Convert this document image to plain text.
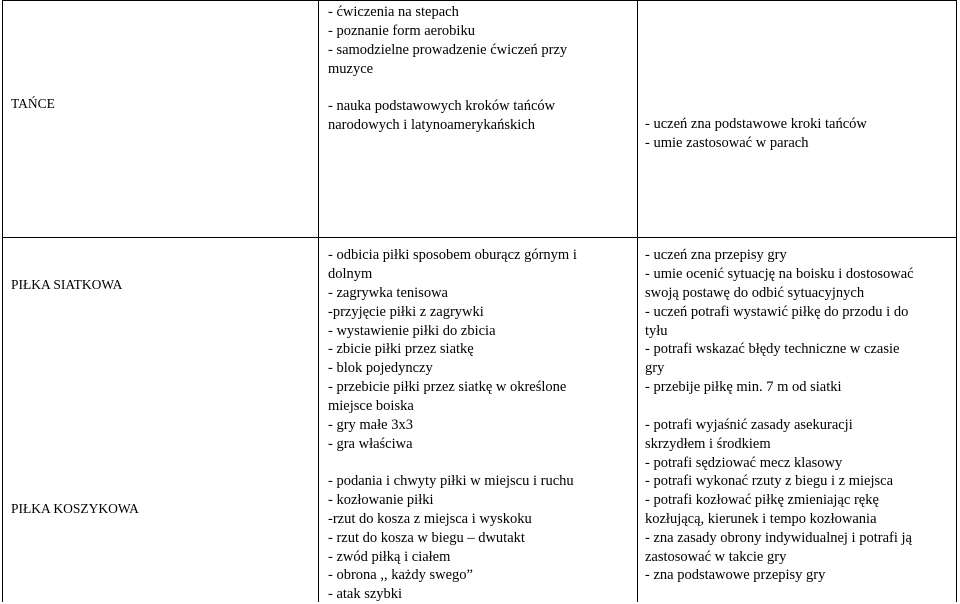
TAŃCE
- ćwiczenia na stepach
- poznanie form aerobiku
- samodzielne prowadzenie ćwiczeń przy
muzyce
- nauka podstawowych kroków tańców
narodowych i latynoamerykańskich	- uczeń zna podstawowe kroki tańców
- umie zastosować w parach
PIŁKA SIATKOWA
- odbicia piłki sposobem oburącz górnym i
dolnym
- zagrywka tenisowa
-przyjęcie piłki z zagrywki
- wystawienie piłki do zbicia
- zbicie piłki przez siatkę
- blok pojedynczy
- przebicie piłki przez siatkę w określone
miejsce boiska
- gry małe 3x3
- gra właściwa
- uczeń zna przepisy gry
- umie ocenić sytuację na boisku i dostosować
swoją postawę do odbić sytuacyjnych
- uczeń potrafi wystawić piłkę do przodu i do
tyłu
- potrafi wskazać błędy techniczne w czasie
gry
- przebije piłkę min. 7 m od siatki
- potrafi wyjaśnić zasady asekuracji
skrzydłem i środkiem
- potrafi sędziować mecz klasowy
PIŁKA KOSZYKOWA
- podania i chwyty piłki w miejscu i ruchu
- kozłowanie piłki
-rzut do kosza z miejsca i wyskoku
- rzut do kosza w biegu – dwutakt
- zwód piłką i ciałem
- obrona ,, każdy swego”
- atak szybki
- potrafi wykonać rzuty z biegu i z miejsca
- potrafi kozłować piłkę zmieniając rękę
kozłującą, kierunek i tempo kozłowania
- zna zasady obrony indywidualnej i potrafi ją
zastosować w takcie gry
- zna podstawowe przepisy gry
